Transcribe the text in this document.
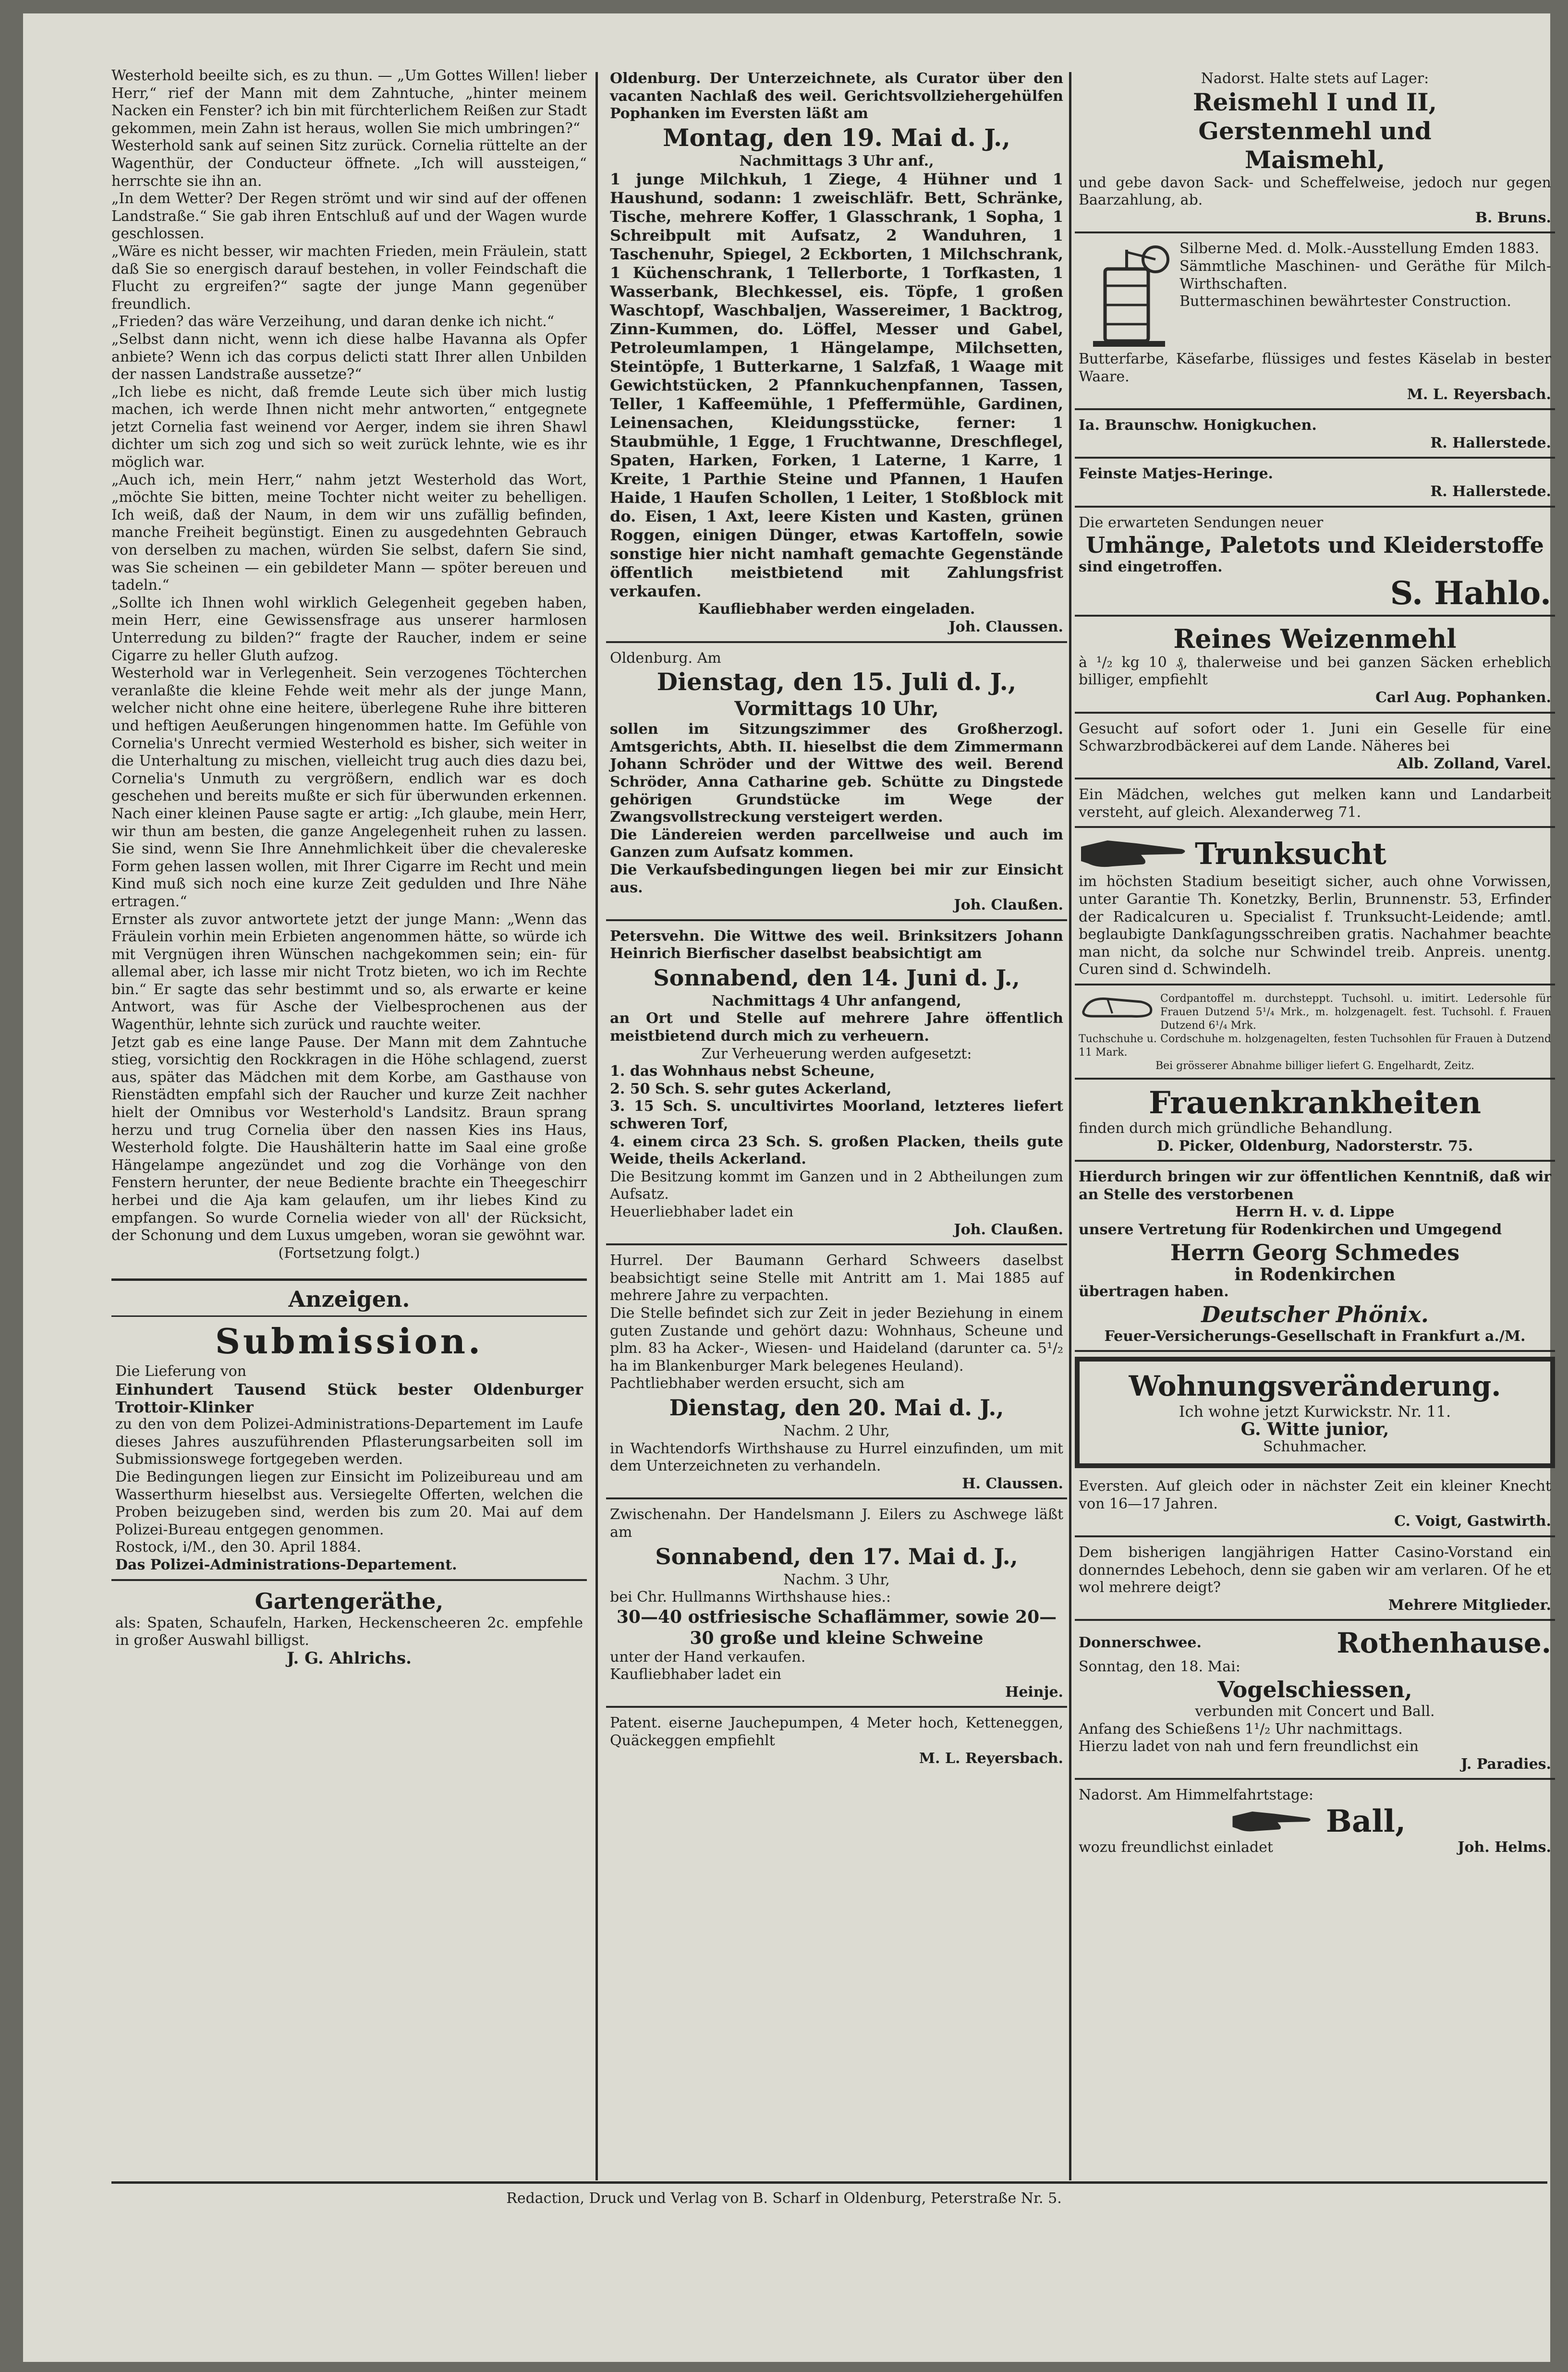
Westerhold beeilte sich, es zu thun. — „Um Gottes Willen! lieber Herr,“ rief der Mann mit dem Zahntuche, „hinter meinem Nacken ein Fenster? ich bin mit fürchterlichem Reißen zur Stadt gekommen, mein Zahn ist heraus, wollen Sie mich umbringen?“

Westerhold sank auf seinen Sitz zurück. Cornelia rüttelte an der Wagenthür, der Conducteur öffnete. „Ich will aussteigen,“ herrschte sie ihn an.

„In dem Wetter? Der Regen strömt und wir sind auf der offenen Landstraße.“ Sie gab ihren Entschluß auf und der Wagen wurde geschlossen.

„Wäre es nicht besser, wir machten Frieden, mein Fräulein, statt daß Sie so energisch darauf bestehen, in voller Feindschaft die Flucht zu ergreifen?“ sagte der junge Mann gegenüber freundlich.

„Frieden? das wäre Verzeihung, und daran denke ich nicht.“

„Selbst dann nicht, wenn ich diese halbe Havanna als Opfer anbiete? Wenn ich das corpus delicti statt Ihrer allen Unbilden der nassen Landstraße aussetze?“

„Ich liebe es nicht, daß fremde Leute sich über mich lustig machen, ich werde Ihnen nicht mehr antworten,“ entgegnete jetzt Cornelia fast weinend vor Aerger, indem sie ihren Shawl dichter um sich zog und sich so weit zurück lehnte, wie es ihr möglich war.

„Auch ich, mein Herr,“ nahm jetzt Westerhold das Wort, „möchte Sie bitten, meine Tochter nicht weiter zu behelligen. Ich weiß, daß der Naum, in dem wir uns zufällig befinden, manche Freiheit begünstigt. Einen zu ausgedehnten Gebrauch von derselben zu machen, würden Sie selbst, dafern Sie sind, was Sie scheinen — ein gebildeter Mann — spöter bereuen und tadeln.“

„Sollte ich Ihnen wohl wirklich Gelegenheit gegeben haben, mein Herr, eine Gewissensfrage aus unserer harmlosen Unterredung zu bilden?“ fragte der Raucher, indem er seine Cigarre zu heller Gluth aufzog.

Westerhold war in Verlegenheit. Sein verzogenes Töchterchen veranlaßte die kleine Fehde weit mehr als der junge Mann, welcher nicht ohne eine heitere, überlegene Ruhe ihre bitteren und heftigen Aeußerungen hingenommen hatte. Im Gefühle von Cornelia's Unrecht vermied Westerhold es bisher, sich weiter in die Unterhaltung zu mischen, vielleicht trug auch dies dazu bei, Cornelia's Unmuth zu vergrößern, endlich war es doch geschehen und bereits mußte er sich für überwunden erkennen. Nach einer kleinen Pause sagte er artig: „Ich glaube, mein Herr, wir thun am besten, die ganze Angelegenheit ruhen zu lassen. Sie sind, wenn Sie Ihre Annehmlichkeit über die chevalereske Form gehen lassen wollen, mit Ihrer Cigarre im Recht und mein Kind muß sich noch eine kurze Zeit gedulden und Ihre Nähe ertragen.“

Ernster als zuvor antwortete jetzt der junge Mann: „Wenn das Fräulein vorhin mein Erbieten angenommen hätte, so würde ich mit Vergnügen ihren Wünschen nachgekommen sein; ein- für allemal aber, ich lasse mir nicht Trotz bieten, wo ich im Rechte bin.“ Er sagte das sehr bestimmt und so, als erwarte er keine Antwort, was für Asche der Vielbesprochenen aus der Wagenthür, lehnte sich zurück und rauchte weiter.

Jetzt gab es eine lange Pause. Der Mann mit dem Zahntuche stieg, vorsichtig den Rockkragen in die Höhe schlagend, zuerst aus, später das Mädchen mit dem Korbe, am Gasthause von Rienstädten empfahl sich der Raucher und kurze Zeit nachher hielt der Omnibus vor Westerhold's Landsitz. Braun sprang herzu und trug Cornelia über den nassen Kies ins Haus, Westerhold folgte. Die Haushälterin hatte im Saal eine große Hängelampe angezündet und zog die Vorhänge von den Fenstern herunter, der neue Bediente brachte ein Theegeschirr herbei und die Aja kam gelaufen, um ihr liebes Kind zu empfangen. So wurde Cornelia wieder von all' der Rücksicht, der Schonung und dem Luxus umgeben, woran sie gewöhnt war.

(Fortsetzung folgt.)

Anzeigen.
Submission.

Die Lieferung von

Einhundert Tausend Stück bester Oldenburger Trottoir-Klinker

zu den von dem Polizei-Administrations-Departement im Laufe dieses Jahres auszuführenden Pflasterungsarbeiten soll im Submissionswege fortgegeben werden.

Die Bedingungen liegen zur Einsicht im Polizeibureau und am Wasserthurm hieselbst aus. Versiegelte Offerten, welchen die Proben beizugeben sind, werden bis zum 20. Mai auf dem Polizei-Bureau entgegen genommen.

Rostock, i/M., den 30. April 1884.

Das Polizei-Administrations-Departement.

Gartengeräthe,

als: Spaten, Schaufeln, Harken, Heckenscheeren 2c. empfehle in großer Auswahl billigst.

J. G. Ahlrichs.

Oldenburg. Der Unterzeichnete, als Curator über den vacanten Nachlaß des weil. Gerichtsvollziehergehülfen Pophanken im Eversten läßt am

Montag, den 19. Mai d. J.,

Nachmittags 3 Uhr anf.,

1 junge Milchkuh, 1 Ziege, 4 Hühner und 1 Haushund, sodann: 1 zweischläfr. Bett, Schränke, Tische, mehrere Koffer, 1 Glasschrank, 1 Sopha, 1 Schreibpult mit Aufsatz, 2 Wanduhren, 1 Taschenuhr, Spiegel, 2 Eckborten, 1 Milchschrank, 1 Küchenschrank, 1 Tellerborte, 1 Torfkasten, 1 Wasserbank, Blechkessel, eis. Töpfe, 1 großen Waschtopf, Waschbaljen, Wassereimer, 1 Backtrog, Zinn-Kummen, do. Löffel, Messer und Gabel, Petroleumlampen, 1 Hängelampe, Milchsetten, Steintöpfe, 1 Butterkarne, 1 Salzfaß, 1 Waage mit Gewichtstücken, 2 Pfannkuchenpfannen, Tassen, Teller, 1 Kaffeemühle, 1 Pfeffermühle, Gardinen, Leinensachen, Kleidungsstücke, ferner: 1 Staubmühle, 1 Egge, 1 Fruchtwanne, Dreschflegel, Spaten, Harken, Forken, 1 Laterne, 1 Karre, 1 Kreite, 1 Parthie Steine und Pfannen, 1 Haufen Haide, 1 Haufen Schollen, 1 Leiter, 1 Stoßblock mit do. Eisen, 1 Axt, leere Kisten und Kasten, grünen Roggen, einigen Dünger, etwas Kartoffeln, sowie sonstige hier nicht namhaft gemachte Gegenstände öffentlich meistbietend mit Zahlungsfrist verkaufen.

Kaufliebhaber werden eingeladen.

Joh. Claussen.

Oldenburg. Am

Dienstag, den 15. Juli d. J.,
Vormittags 10 Uhr,

sollen im Sitzungszimmer des Großherzogl. Amtsgerichts, Abth. II. hieselbst die dem Zimmermann Johann Schröder und der Wittwe des weil. Berend Schröder, Anna Catharine geb. Schütte zu Dingstede gehörigen Grundstücke im Wege der Zwangsvollstreckung versteigert werden.

Die Ländereien werden parcellweise und auch im Ganzen zum Aufsatz kommen.

Die Verkaufsbedingungen liegen bei mir zur Einsicht aus.

Joh. Claußen.

Petersvehn. Die Wittwe des weil. Brinksitzers Johann Heinrich Bierfischer daselbst beabsichtigt am

Sonnabend, den 14. Juni d. J.,

Nachmittags 4 Uhr anfangend,

an Ort und Stelle auf mehrere Jahre öffentlich meistbietend durch mich zu verheuern.

Zur Verheuerung werden aufgesetzt:

1. das Wohnhaus nebst Scheune,

2. 50 Sch. S. sehr gutes Ackerland,

3. 15 Sch. S. uncultivirtes Moorland, letzteres liefert schweren Torf,

4. einem circa 23 Sch. S. großen Placken, theils gute Weide, theils Ackerland.

Die Besitzung kommt im Ganzen und in 2 Abtheilungen zum Aufsatz.

Heuerliebhaber ladet ein

Joh. Claußen.

Hurrel. Der Baumann Gerhard Schweers daselbst beabsichtigt seine Stelle mit Antritt am 1. Mai 1885 auf mehrere Jahre zu verpachten.

Die Stelle befindet sich zur Zeit in jeder Beziehung in einem guten Zustande und gehört dazu: Wohnhaus, Scheune und plm. 83 ha Acker-, Wiesen- und Haideland (darunter ca. 5¹/₂ ha im Blankenburger Mark belegenes Heuland).

Pachtliebhaber werden ersucht, sich am

Dienstag, den 20. Mai d. J.,

Nachm. 2 Uhr,

in Wachtendorfs Wirthshause zu Hurrel einzufinden, um mit dem Unterzeichneten zu verhandeln.

H. Claussen.

Zwischenahn. Der Handelsmann J. Eilers zu Aschwege läßt am

Sonnabend, den 17. Mai d. J.,

Nachm. 3 Uhr,

bei Chr. Hullmanns Wirthshause hies.:

30—40 ostfriesische Schaflämmer, sowie 20—30 große und kleine Schweine

unter der Hand verkaufen.

Kaufliebhaber ladet ein

Heinje.

Patent. eiserne Jauchepumpen, 4 Meter hoch, Ketteneggen, Quäckeggen empfiehlt

M. L. Reyersbach.

Nadorst. Halte stets auf Lager:

Reismehl I und II,
Gerstenmehl und
Maismehl,

und gebe davon Sack- und Scheffelweise, jedoch nur gegen Baarzahlung, ab.

B. Bruns.

Silberne Med. d. Molk.-Ausstellung Emden 1883.

Sämmtliche Maschinen- und Geräthe für Milch-Wirthschaften.

Buttermaschinen bewährtester Construction.

Butterfarbe, Käsefarbe, flüssiges und festes Käselab in bester Waare.

M. L. Reyersbach.

Ia. Braunschw. Honigkuchen.

R. Hallerstede.

Feinste Matjes-Heringe.

R. Hallerstede.

Die erwarteten Sendungen neuer

Umhänge, Paletots und Kleiderstoffe

sind eingetroffen.

S. Hahlo.
Reines Weizenmehl

à ¹/₂ kg 10 ₰, thalerweise und bei ganzen Säcken erheblich billiger, empfiehlt

Carl Aug. Pophanken.

Gesucht auf sofort oder 1. Juni ein Geselle für eine Schwarzbrodbäckerei auf dem Lande. Näheres bei

Alb. Zolland, Varel.

Ein Mädchen, welches gut melken kann und Landarbeit versteht, auf gleich. Alexanderweg 71.

Trunksucht

im höchsten Stadium beseitigt sicher, auch ohne Vorwissen, unter Garantie Th. Konetzky, Berlin, Brunnenstr. 53, Erfinder der Radicalcuren u. Specialist f. Trunksucht-Leidende; amtl. beglaubigte Dankſagungsschreiben gratis. Nachahmer beachte man nicht, da solche nur Schwindel treib. Anpreis. unentg. Curen sind d. Schwindelh.

Cordpantoffel m. durchsteppt. Tuchsohl. u. imitirt. Ledersohle für Frauen Dutzend 5¹/₄ Mrk., m. holzgenagelt. fest. Tuchsohl. f. Frauen Dutzend 6¹/₄ Mrk.

Tuchschuhe u. Cordschuhe m. holzgenagelten, festen Tuchsohlen für Frauen à Dutzend 11 Mark.

Bei grösserer Abnahme billiger liefert G. Engelhardt, Zeitz.

Frauenkrankheiten

finden durch mich gründliche Behandlung.

D. Picker, Oldenburg, Nadorsterstr. 75.

Hierdurch bringen wir zur öffentlichen Kenntniß, daß wir an Stelle des verstorbenen

Herrn H. v. d. Lippe

unsere Vertretung für Rodenkirchen und Umgegend

Herrn Georg Schmedes

in Rodenkirchen

übertragen haben.

Deutscher Phönix.

Feuer-Versicherungs-Gesellschaft in Frankfurt a./M.

Wohnungsveränderung.

Ich wohne jetzt Kurwickstr. Nr. 11.

G. Witte junior,

Schuhmacher.

Eversten. Auf gleich oder in nächster Zeit ein kleiner Knecht von 16—17 Jahren.

C. Voigt, Gastwirth.

Dem bisherigen langjährigen Hatter Casino-Vorstand ein donnerndes Lebehoch, denn sie gaben wir am verlaren. Of he et wol mehrere deigt?

Mehrere Mitglieder.

Donnerschwee.	Rothenhause.

Sonntag, den 18. Mai:

Vogelschiessen,

verbunden mit Concert und Ball.

Anfang des Schießens 1¹/₂ Uhr nachmittags.

Hierzu ladet von nah und fern freundlichst ein

J. Paradies.

Nadorst. Am Himmelfahrtstage:

Ball,

wozu freundlichst einladet	Joh. Helms.

Redaction, Druck und Verlag von B. Scharf in Oldenburg, Peterstraße Nr. 5.
